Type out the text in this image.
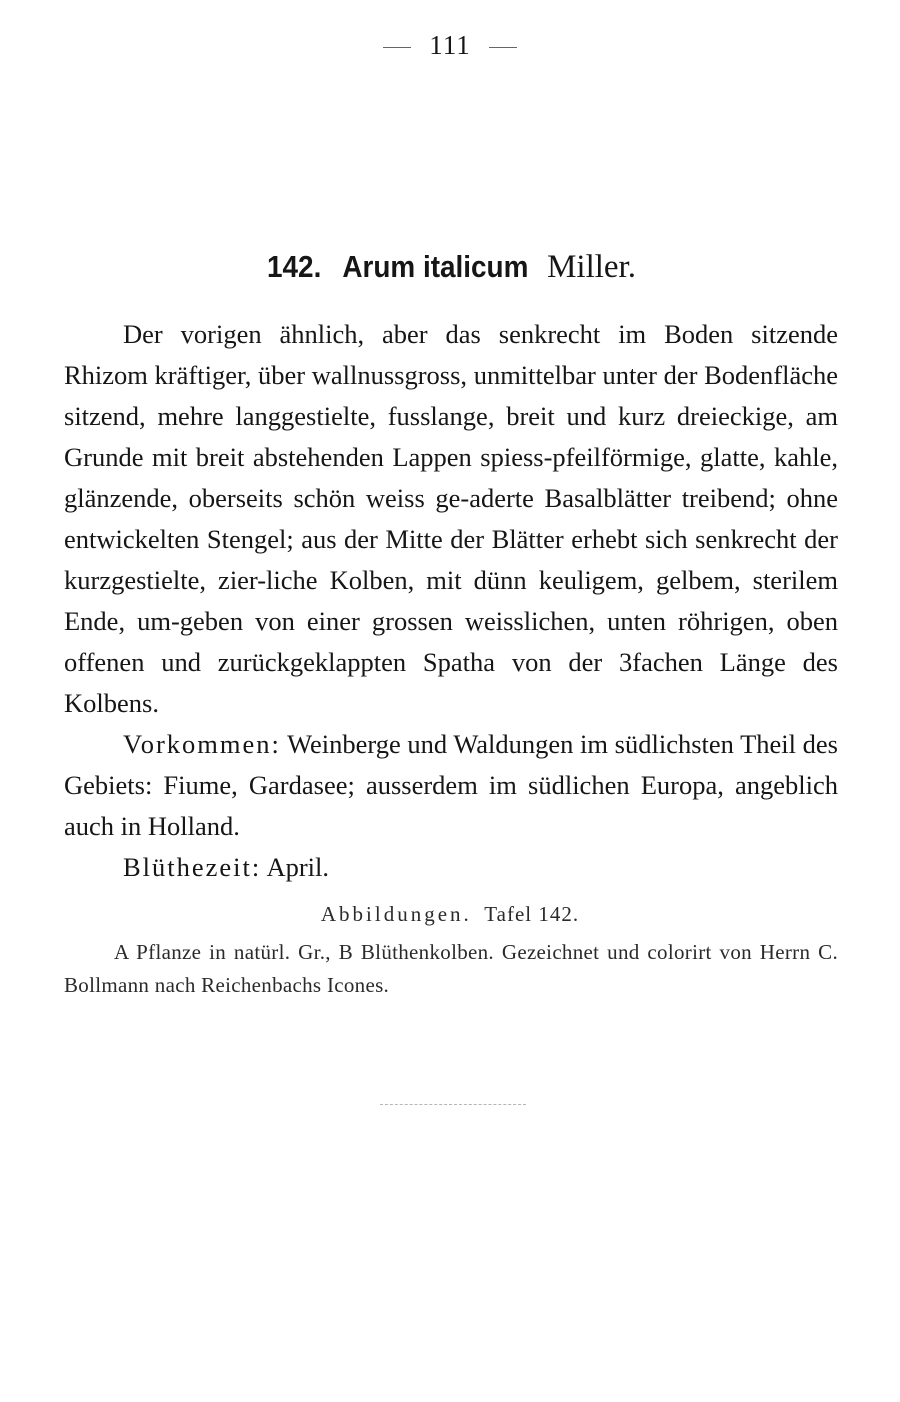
111
142. Arum italicum Miller.

Der vorigen ähnlich, aber das senkrecht im Boden sitzende Rhizom kräftiger, über wallnussgross, unmittelbar unter der Bodenfläche sitzend, mehre langgestielte, fusslange, breit und kurz dreieckige, am Grunde mit breit abstehenden Lappen spiess-pfeilförmige, glatte, kahle, glänzende, oberseits schön weiss ge-aderte Basalblätter treibend; ohne entwickelten Stengel; aus der Mitte der Blätter erhebt sich senkrecht der kurzgestielte, zier-liche Kolben, mit dünn keuligem, gelbem, sterilem Ende, um-geben von einer grossen weisslichen, unten röhrigen, oben offenen und zurückgeklappten Spatha von der 3fachen Länge des Kolbens.

Vorkommen: Weinberge und Waldungen im südlichsten Theil des Gebiets: Fiume, Gardasee; ausserdem im südlichen Europa, angeblich auch in Holland.

Blüthezeit: April.

Abbildungen. Tafel 142.

A Pflanze in natürl. Gr., B Blüthenkolben. Gezeichnet und colorirt von Herrn C. Bollmann nach Reichenbachs Icones.
